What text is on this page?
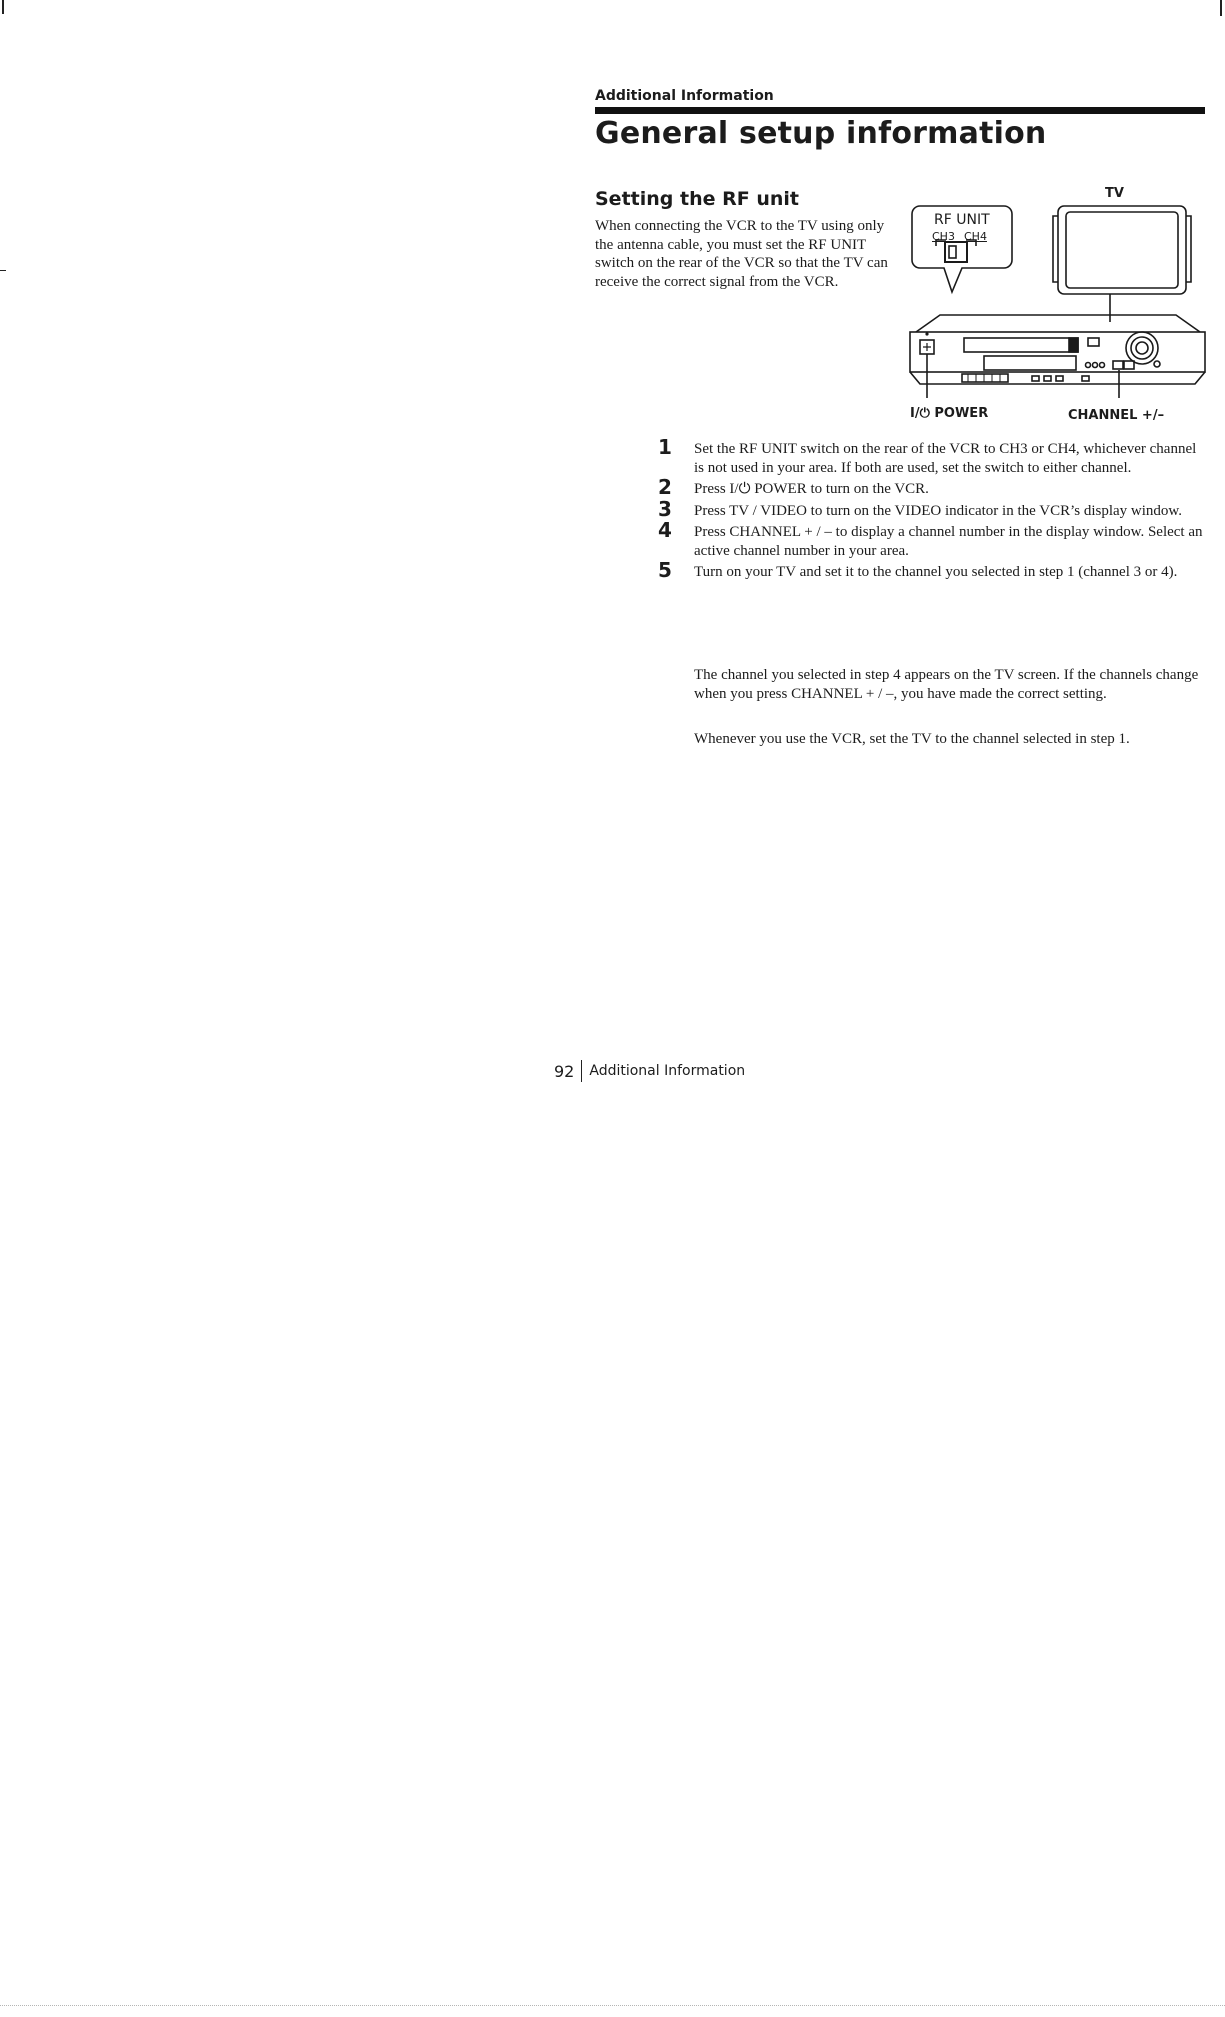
Additional Information
General setup information
Setting the RF unit

When connecting the VCR to the TV using only the antenna cable, you must set the RF UNIT switch on the rear of the VCR so that the TV can receive the correct signal from the VCR.

RF UNIT
CH3 CH4
TV
I/⏻ POWER	CHANNEL +/–
1 Set the RF UNIT switch on the rear of the VCR to CH3 or CH4, whichever channel is not used in your area. If both are used, set the switch to either channel.
2 Press I/⏻ POWER to turn on the VCR.
3 Press TV / VIDEO to turn on the VIDEO indicator in the VCR’s display window.
4 Press CHANNEL + / – to display a channel number in the display window. Select an active channel number in your area.
5 Turn on your TV and set it to the channel you selected in step 1 (channel 3 or 4).

The channel you selected in step 4 appears on the TV screen. If the channels change when you press CHANNEL + / –, you have made the correct setting.

Whenever you use the VCR, set the TV to the channel selected in step 1.

92 Additional Information
